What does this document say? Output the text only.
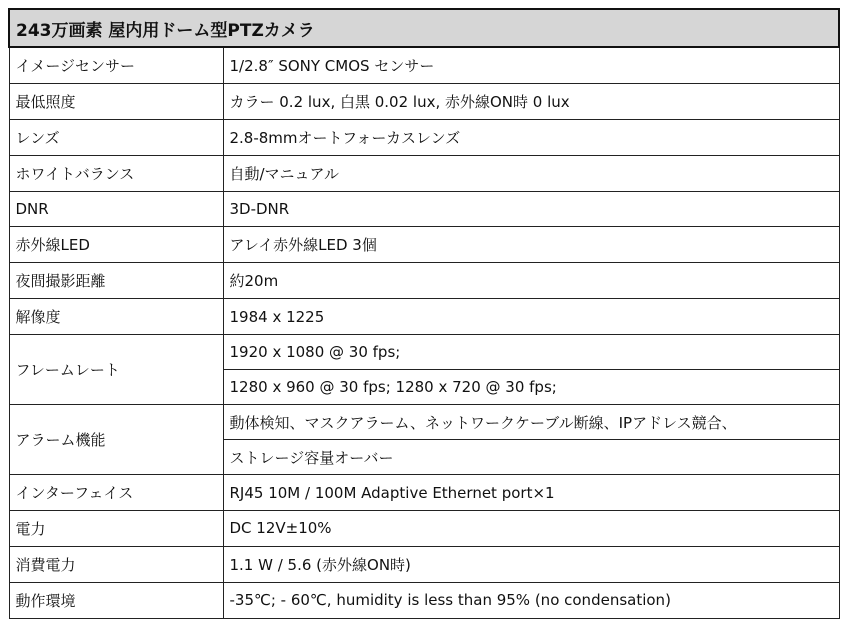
243万画素 屋内用ドーム型PTZカメラ	
イメージセンサー	1/2.8″ SONY CMOS センサー
最低照度	カラー 0.2 lux, 白黒 0.02 lux, 赤外線ON時 0 lux
レンズ	2.8-8mmオートフォーカスレンズ
ホワイトバランス	自動/マニュアル
DNR	3D-DNR
赤外線LED	アレイ赤外線LED 3個
夜間撮影距離	約20m
解像度	1984 x 1225
フレームレート	1920 x 1080 @ 30 fps;
	1280 x 960 @ 30 fps; 1280 x 720 @ 30 fps;
アラーム機能	動体検知、マスクアラーム、ネットワークケーブル断線、IPアドレス競合、
	ストレージ容量オーバー
インターフェイス	RJ45 10M / 100M Adaptive Ethernet port×1
電力	DC 12V±10%
消費電力	1.1 W / 5.6 (赤外線ON時)
動作環境	-35℃; - 60℃, humidity is less than 95% (no condensation)
